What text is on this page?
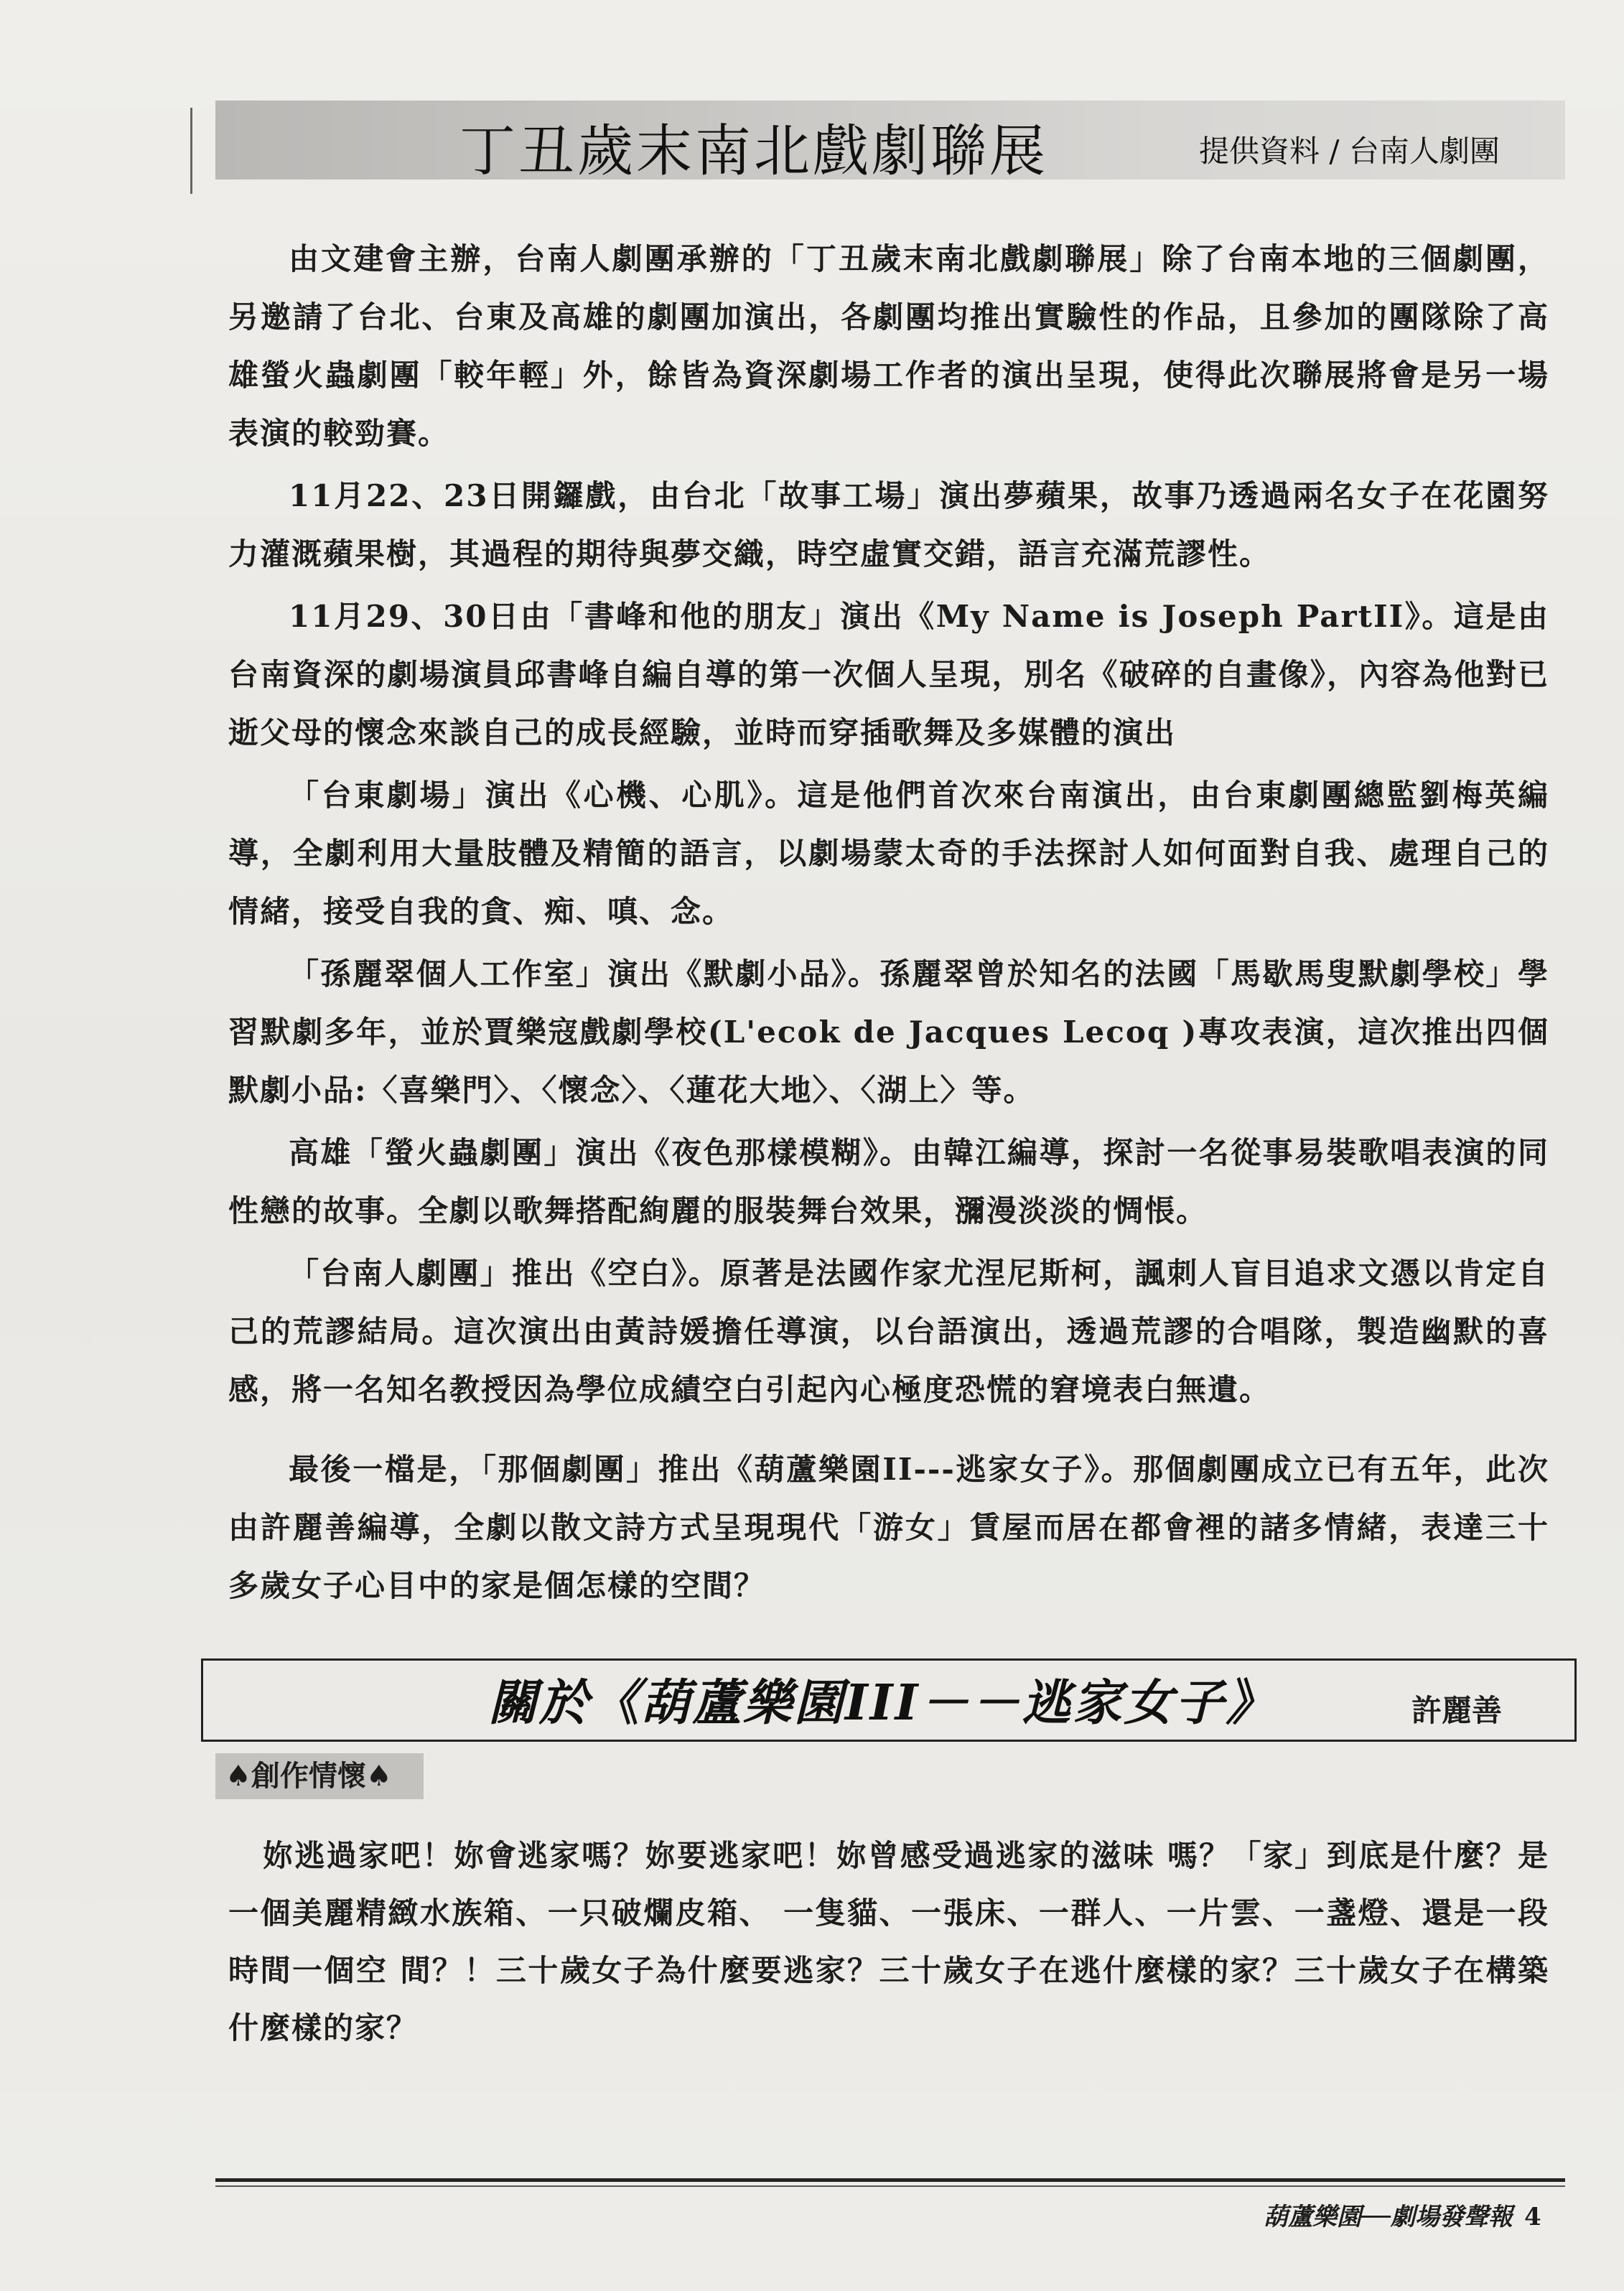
丁丑歲末南北戲劇聯展	提供資料 / 台南人劇團

由文建會主辦，台南人劇團承辦的「丁丑歲末南北戲劇聯展」除了台南本地的三個劇團，另邀請了台北、台東及高雄的劇團加演出，各劇團均推出實驗性的作品，且參加的團隊除了高雄螢火蟲劇團「較年輕」外，餘皆為資深劇場工作者的演出呈現，使得此次聯展將會是另一場表演的較勁賽。

11月22、23日開鑼戲，由台北「故事工場」演出夢蘋果，故事乃透過兩名女子在花園努力灌溉蘋果樹，其過程的期待與夢交織，時空虛實交錯，語言充滿荒謬性。

11月29、30日由「書峰和他的朋友」演出《My Name is Joseph PartII》。這是由台南資深的劇場演員邱書峰自編自導的第一次個人呈現，別名《破碎的自畫像》，內容為他對已逝父母的懷念來談自己的成長經驗，並時而穿插歌舞及多媒體的演出

「台東劇場」演出《心機、心肌》。這是他們首次來台南演出，由台東劇團總監劉梅英編導，全劇利用大量肢體及精簡的語言，以劇場蒙太奇的手法探討人如何面對自我、處理自己的情緒，接受自我的貪、痴、嗔、念。

「孫麗翠個人工作室」演出《默劇小品》。孫麗翠曾於知名的法國「馬歇馬叟默劇學校」學習默劇多年，並於賈樂寇戲劇學校(L'ecok de Jacques Lecoq )專攻表演，這次推出四個默劇小品:〈喜樂門〉、〈懷念〉、〈蓮花大地〉、〈湖上〉等。

高雄「螢火蟲劇團」演出《夜色那樣模糊》。由韓江編導，探討一名從事易裝歌唱表演的同性戀的故事。全劇以歌舞搭配絢麗的服裝舞台效果，瀰漫淡淡的惆悵。

「台南人劇團」推出《空白》。原著是法國作家尤涅尼斯柯，諷刺人盲目追求文憑以肯定自己的荒謬結局。這次演出由黃詩媛擔任導演，以台語演出，透過荒謬的合唱隊，製造幽默的喜感，將一名知名教授因為學位成績空白引起內心極度恐慌的窘境表白無遺。

最後一檔是，「那個劇團」推出《葫蘆樂園II---逃家女子》。那個劇團成立已有五年，此次由許麗善編導，全劇以散文詩方式呈現現代「游女」賃屋而居在都會裡的諸多情緒，表達三十多歲女子心目中的家是個怎樣的空間？

關於《葫蘆樂園III－－逃家女子》	許麗善
♠創作情懷♠

妳逃過家吧！妳會逃家嗎？妳要逃家吧！妳曾感受過逃家的滋味 嗎？「家」到底是什麼？是一個美麗精緻水族箱、一只破爛皮箱、 一隻貓、一張床、一群人、一片雲、一盞燈、還是一段時間一個空 間？！三十歲女子為什麼要逃家？三十歲女子在逃什麼樣的家？三十歲女子在構築什麼樣的家？

葫蘆樂園──劇場發聲報 4
